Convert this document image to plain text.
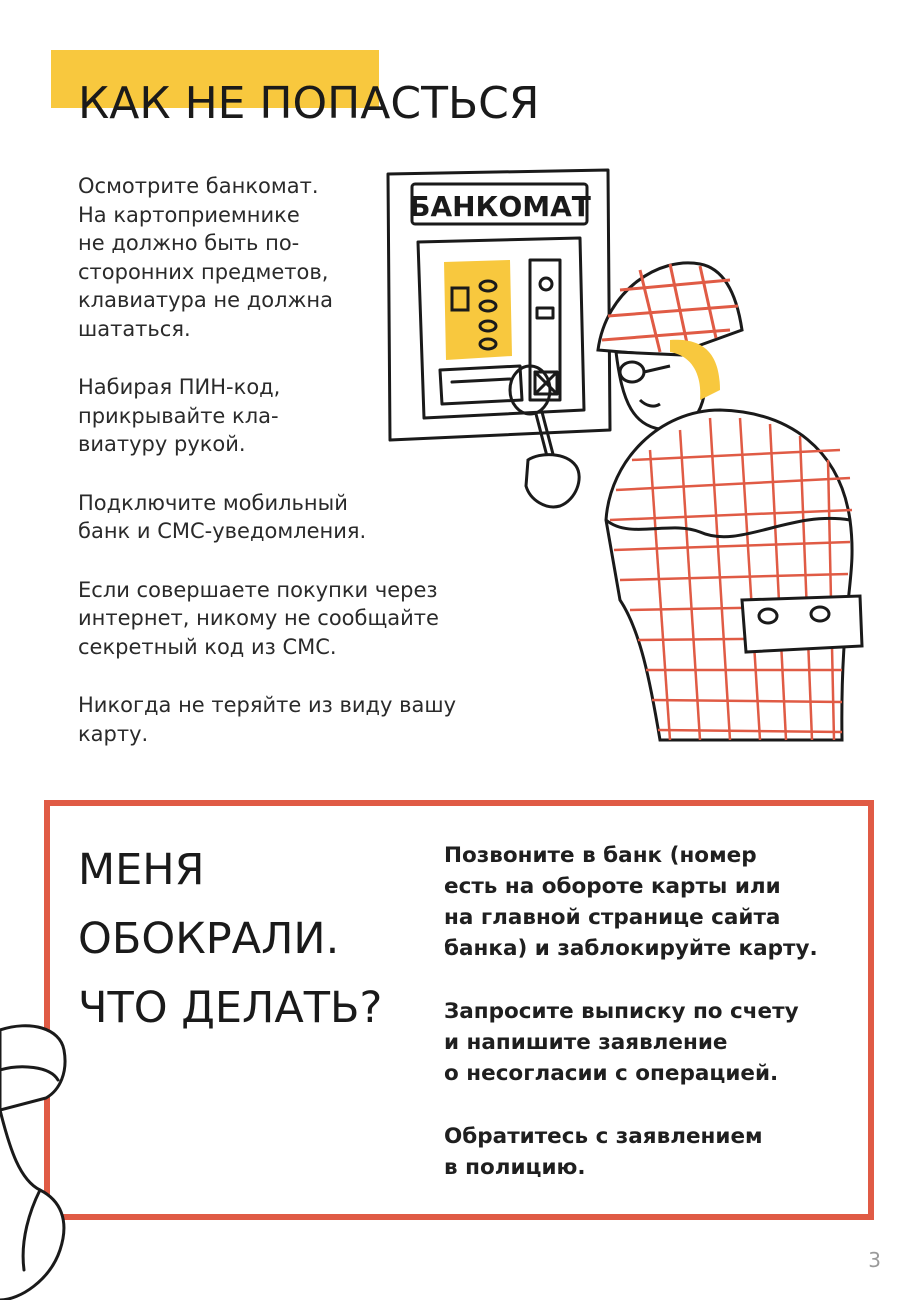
КАК НЕ ПОПАСТЬСЯ

Осмотрите банкомат.
На картоприемнике
не должно быть по-
сторонних предметов,
клавиатура не должна
шататься.

Набирая ПИН-код,
прикрывайте кла-
виатуру рукой.

Подключите мобильный
банк и СМС-уведомления.

Если совершаете покупки через
интернет, никому не сообщайте
секретный код из СМС.

Никогда не теряйте из виду вашу карту.

БАНКОМАТ
МЕНЯ
ОБОКРАЛИ.
ЧТО ДЕЛАТЬ?

Позвоните в банк (номер
есть на обороте карты или
на главной странице сайта
банка) и заблокируйте карту.

Запросите выписку по счету
и напишите заявление
о несогласии с операцией.

Обратитесь с заявлением
в полицию.

3
